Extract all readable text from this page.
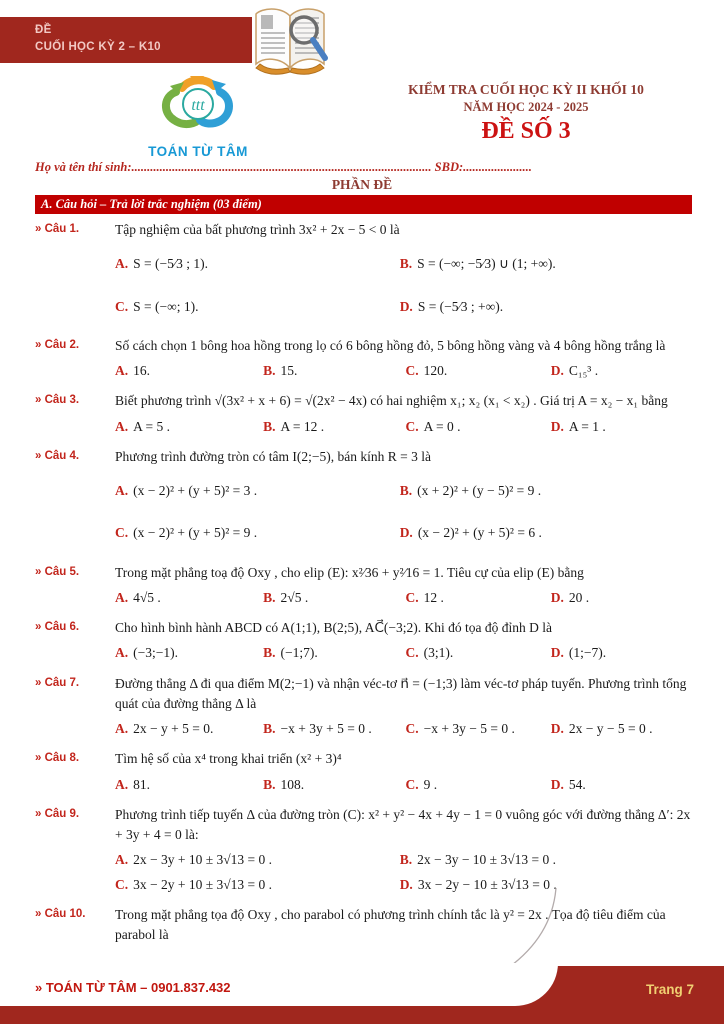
ĐỀ
CUỐI HỌC KỲ 2 – K10
ttt
TOÁN TỪ TÂM
KIỂM TRA CUỐI HỌC KỲ II KHỐI 10
NĂM HỌC 2024 - 2025
ĐỀ SỐ 3
Họ và tên thí sinh:................................................................................................ SBD:......................
PHẦN ĐỀ
A. Câu hỏi – Trả lời trắc nghiệm (03 điểm)
» Câu 1.	Tập nghiệm của bất phương trình 3x² + 2x − 5 < 0 là
A. S = (−5⁄3 ; 1).	B. S = (−∞; −5⁄3) ∪ (1; +∞).
C. S = (−∞; 1).	D. S = (−5⁄3 ; +∞).
» Câu 2.	Số cách chọn 1 bông hoa hồng trong lọ có 6 bông hồng đỏ, 5 bông hồng vàng và 4 bông hồng trắng là
A. 16.	B. 15.	C. 120.	D. C₁₅³ .
» Câu 3.	Biết phương trình √(3x² + x + 6) = √(2x² − 4x) có hai nghiệm x₁; x₂ (x₁ < x₂) . Giá trị A = x₂ − x₁ bằng
A. A = 5 .	B. A = 12 .	C. A = 0 .	D. A = 1 .
» Câu 4.	Phương trình đường tròn có tâm I(2;−5), bán kính R = 3 là
A. (x − 2)² + (y + 5)² = 3 .	B. (x + 2)² + (y − 5)² = 9 .
C. (x − 2)² + (y + 5)² = 9 .	D. (x − 2)² + (y + 5)² = 6 .
» Câu 5.	Trong mặt phẳng toạ độ Oxy , cho elip (E): x²⁄36 + y²⁄16 = 1. Tiêu cự của elip (E) bằng
A. 4√5 .	B. 2√5 .	C. 12 .	D. 20 .
» Câu 6.	Cho hình bình hành ABCD có A(1;1), B(2;5), AC⃗(−3;2). Khi đó tọa độ đỉnh D là
A. (−3;−1).	B. (−1;7).	C. (3;1).	D. (1;−7).
» Câu 7.	Đường thẳng Δ đi qua điểm M(2;−1) và nhận véc-tơ n⃗ = (−1;3) làm véc-tơ pháp tuyến. Phương trình tổng quát của đường thẳng Δ là
A. 2x − y + 5 = 0.	B. −x + 3y + 5 = 0 .	C. −x + 3y − 5 = 0 .	D. 2x − y − 5 = 0 .
» Câu 8.	Tìm hệ số của x⁴ trong khai triển (x² + 3)⁴
A. 81.	B. 108.	C. 9 .	D. 54.
» Câu 9.	Phương trình tiếp tuyến Δ của đường tròn (C): x² + y² − 4x + 4y − 1 = 0 vuông góc với đường thẳng Δ′: 2x + 3y + 4 = 0 là:
A. 2x − 3y + 10 ± 3√13 = 0 .	B. 2x − 3y − 10 ± 3√13 = 0 .
C. 3x − 2y + 10 ± 3√13 = 0 .	D. 3x − 2y − 10 ± 3√13 = 0 .
» Câu 10.	Trong mặt phẳng tọa độ Oxy , cho parabol có phương trình chính tắc là y² = 2x . Tọa độ tiêu điểm của parabol là
» TOÁN TỪ TÂM – 0901.837.432	Trang 7
